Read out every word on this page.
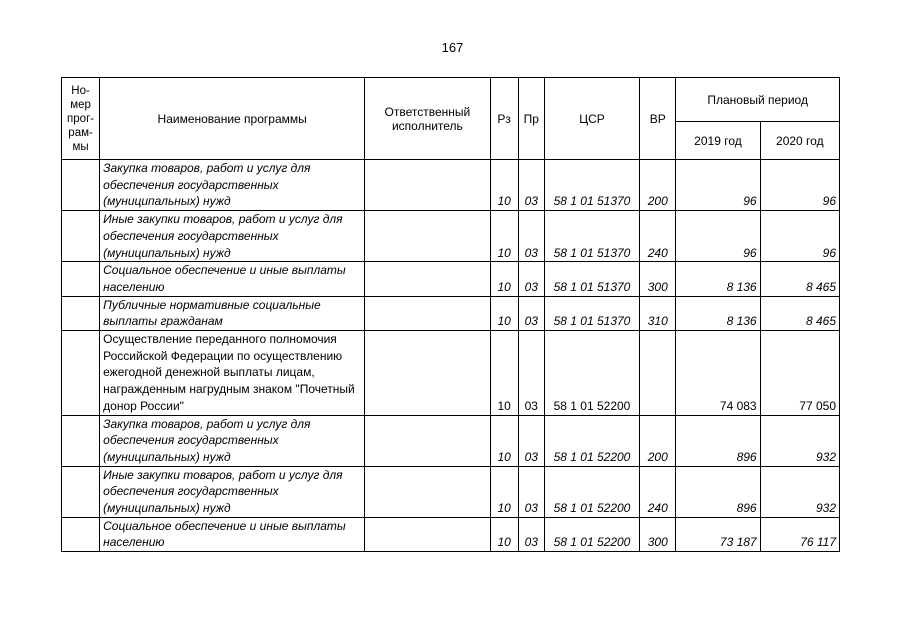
167
Но-
мер
прог-
рам-
мы	Наименование программы	Ответственный исполнитель	Рз	Пр	ЦСР	ВР	Плановый период	
							2019 год	2020 год
	Закупка товаров, работ и услуг для обеспечения государственных (муниципальных) нужд		10	03	58 1 01 51370	200	96	96
	Иные закупки товаров, работ и услуг для обеспечения государственных (муниципальных) нужд		10	03	58 1 01 51370	240	96	96
	Социальное обеспечение и иные выплаты населению		10	03	58 1 01 51370	300	8 136	8 465
	Публичные нормативные социальные выплаты гражданам		10	03	58 1 01 51370	310	8 136	8 465
	Осуществление переданного полномочия Российской Федерации по осуществлению ежегодной денежной выплаты лицам, награжденным нагрудным знаком "Почетный донор России"		10	03	58 1 01 52200		74 083	77 050
	Закупка товаров, работ и услуг для обеспечения государственных (муниципальных) нужд		10	03	58 1 01 52200	200	896	932
	Иные закупки товаров, работ и услуг для обеспечения государственных (муниципальных) нужд		10	03	58 1 01 52200	240	896	932
	Социальное обеспечение и иные выплаты населению		10	03	58 1 01 52200	300	73 187	76 117
